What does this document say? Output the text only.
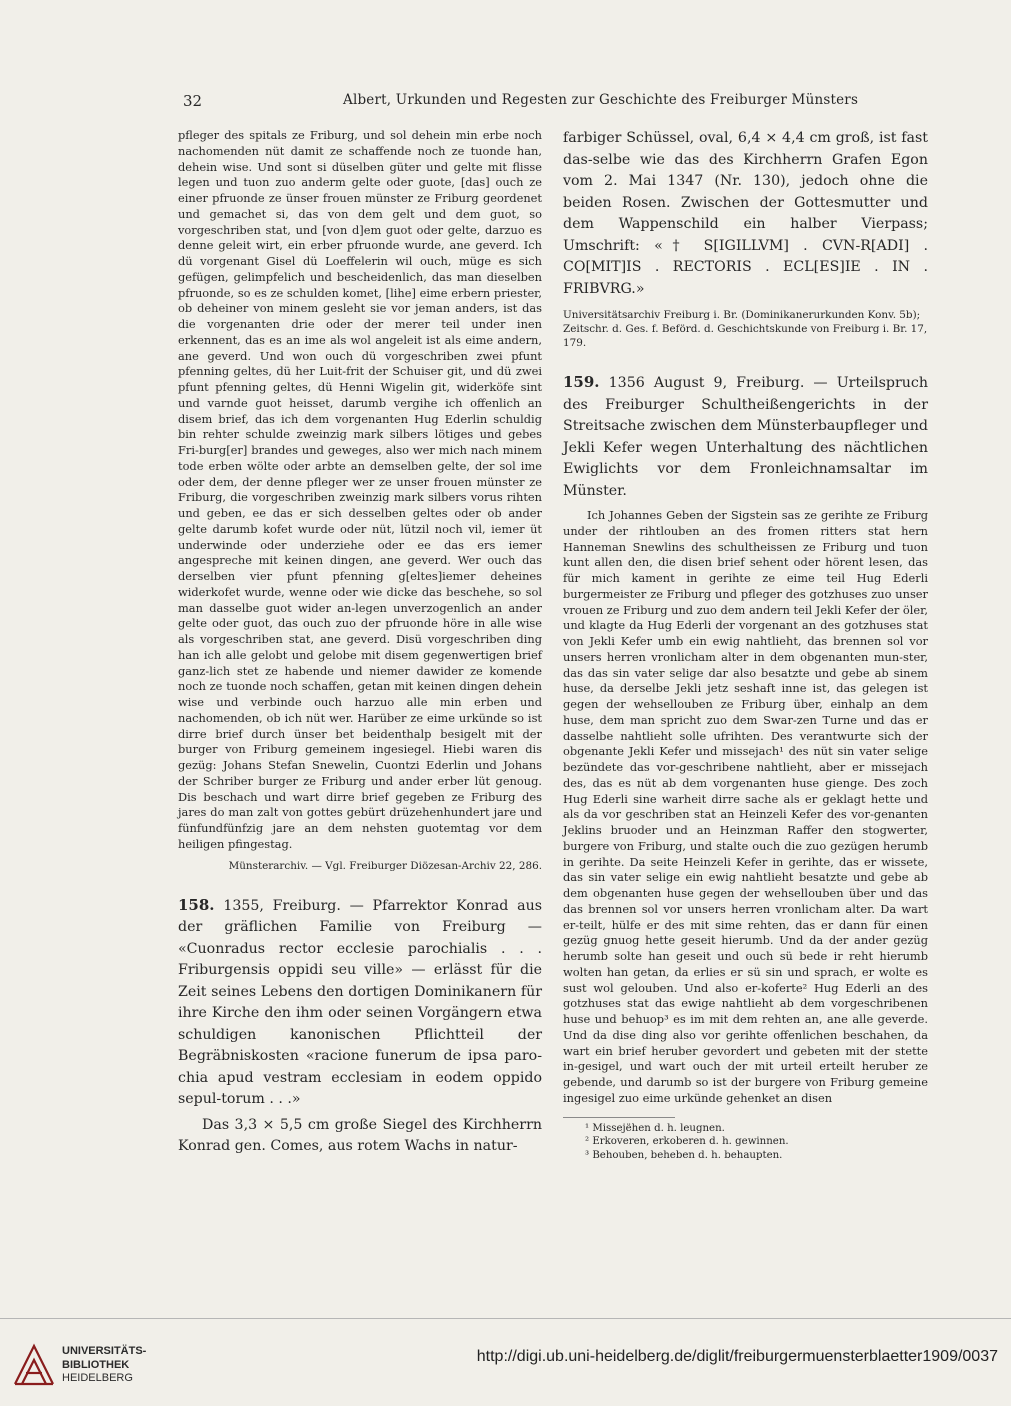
32	Albert, Urkunden und Regesten zur Geschichte des Freiburger Münsters

pfleger des spitals ze Friburg, und sol dehein min erbe noch nachomenden nüt damit ze schaffende noch ze tuonde han, dehein wise. Und sont si düselben güter und gelte mit flisse legen und tuon zuo anderm gelte oder guote, [das] ouch ze einer pfruonde ze ünser frouen münster ze Friburg geordenet und gemachet si, das von dem gelt und dem guot, so vorgeschriben stat, und [von d]em guot oder gelte, darzuo es denne geleit wirt, ein erber pfruonde wurde, ane geverd. Ich dü vorgenant Gisel dü Loeffelerin wil ouch, müge es sich gefügen, gelimpfelich und bescheidenlich, das man dieselben pfruonde, so es ze schulden komet, [lihe] eime erbern priester, ob deheiner von minem gesleht sie vor jeman anders, ist das die vorgenanten drie oder der merer teil under inen erkennent, das es an ime als wol angeleit ist als eime andern, ane geverd. Und won ouch dü vorgeschriben zwei pfunt pfenning geltes, dü her Luit-frit der Schuiser git, und dü zwei pfunt pfenning geltes, dü Henni Wigelin git, widerköfe sint und varnde guot heisset, darumb vergihe ich offenlich an disem brief, das ich dem vorgenanten Hug Ederlin schuldig bin rehter schulde zweinzig mark silbers lötiges und gebes Fri-burg[er] brandes und geweges, also wer mich nach minem tode erben wölte oder arbte an demselben gelte, der sol ime oder dem, der denne pfleger wer ze unser frouen münster ze Friburg, die vorgeschriben zweinzig mark silbers vorus rihten und geben, ee das er sich desselben geltes oder ob ander gelte darumb kofet wurde oder nüt, lützil noch vil, iemer üt underwinde oder underziehe oder ee das ers iemer angespreche mit keinen dingen, ane geverd. Wer ouch das derselben vier pfunt pfenning g[eltes]iemer deheines widerkofet wurde, wenne oder wie dicke das beschehe, so sol man dasselbe guot wider an-legen unverzogenlich an ander gelte oder guot, das ouch zuo der pfruonde höre in alle wise als vorgeschriben stat, ane geverd. Disü vorgeschriben ding han ich alle gelobt und gelobe mit disem gegenwertigen brief ganz-lich stet ze habende und niemer dawider ze komende noch ze tuonde noch schaffen, getan mit keinen dingen dehein wise und verbinde ouch harzuo alle min erben und nachomenden, ob ich nüt wer. Harüber ze eime urkünde so ist dirre brief durch ünser bet beidenthalp besigelt mit der burger von Friburg gemeinem ingesiegel. Hiebi waren dis gezüg: Johans Stefan Snewelin, Cuontzi Ederlin und Johans der Schriber burger ze Friburg und ander erber lüt genoug. Dis beschach und wart dirre brief gegeben ze Friburg des jares do man zalt von gottes gebürt drüzehenhundert jare und fünfundfünfzig jare an dem nehsten guotemtag vor dem heiligen pfingestag.

Münsterarchiv. — Vgl. Freiburger Diözesan-Archiv 22, 286.

158. 1355, Freiburg. — Pfarrektor Konrad aus der gräflichen Familie von Freiburg — «Cuonradus rector ecclesie parochialis . . . Friburgensis oppidi seu ville» — erlässt für die Zeit seines Lebens den dortigen Dominikanern für ihre Kirche den ihm oder seinen Vorgängern etwa schuldigen kanonischen Pflichtteil der Begräbniskosten «racione funerum de ipsa paro-chia apud vestram ecclesiam in eodem oppido sepul-torum . . .»

Das 3,3 × 5,5 cm große Siegel des Kirchherrn Konrad gen. Comes, aus rotem Wachs in natur-

farbiger Schüssel, oval, 6,4 × 4,4 cm groß, ist fast das-selbe wie das des Kirchherrn Grafen Egon vom 2. Mai 1347 (Nr. 130), jedoch ohne die beiden Rosen. Zwischen der Gottesmutter und dem Wappenschild ein halber Vierpass; Umschrift: «† S[IGILLVM] . CVN-R[ADI] . CO[MIT]IS . RECTORIS . ECL[ES]IE . IN . FRIBVRG.»

Universitätsarchiv Freiburg i. Br. (Dominikanerurkunden Konv. 5b); Zeitschr. d. Ges. f. Beförd. d. Geschichtskunde von Freiburg i. Br. 17, 179.

159. 1356 August 9, Freiburg. — Urteilspruch des Freiburger Schultheißengerichts in der Streitsache zwischen dem Münsterbaupfleger und Jekli Kefer wegen Unterhaltung des nächtlichen Ewiglichts vor dem Fronleichnamsaltar im Münster.

Ich Johannes Geben der Sigstein sas ze gerihte ze Friburg under der rihtlouben an des fromen ritters stat hern Hanneman Snewlins des schultheissen ze Friburg und tuon kunt allen den, die disen brief sehent oder hörent lesen, das für mich kament in gerihte ze eime teil Hug Ederli burgermeister ze Friburg und pfleger des gotzhuses zuo unser vrouen ze Friburg und zuo dem andern teil Jekli Kefer der öler, und klagte da Hug Ederli der vorgenant an des gotzhuses stat von Jekli Kefer umb ein ewig nahtlieht, das brennen sol vor unsers herren vronlicham alter in dem obgenanten mun-ster, das das sin vater selige dar also besatzte und gebe ab sinem huse, da derselbe Jekli jetz seshaft inne ist, das gelegen ist gegen der wehsellouben ze Friburg über, einhalp an dem huse, dem man spricht zuo dem Swar-zen Turne und das er dasselbe nahtlieht solle ufrihten. Des verantwurte sich der obgenante Jekli Kefer und missejach¹ des nüt sin vater selige bezündete das vor-geschribene nahtlieht, aber er missejach des, das es nüt ab dem vorgenanten huse gienge. Des zoch Hug Ederli sine warheit dirre sache als er geklagt hette und als da vor geschriben stat an Heinzeli Kefer des vor-genanten Jeklins bruoder und an Heinzman Raffer den stogwerter, burgere von Friburg, und stalte ouch die zuo gezügen herumb in gerihte. Da seite Heinzeli Kefer in gerihte, das er wissete, das sin vater selige ein ewig nahtlieht besatzte und gebe ab dem obgenanten huse gegen der wehsellouben über und das das brennen sol vor unsers herren vronlicham alter. Da wart er-teilt, hülfe er des mit sime rehten, das er dann für einen gezüg gnuog hette geseit hierumb. Und da der ander gezüg herumb solte han geseit und ouch sü bede ir reht hierumb wolten han getan, da erlies er sü sin und sprach, er wolte es sust wol gelouben. Und also er-koferte² Hug Ederli an des gotzhuses stat das ewige nahtlieht ab dem vorgeschribenen huse und behuop³ es im mit dem rehten an, ane alle geverde. Und da dise ding also vor gerihte offenlichen beschahen, da wart ein brief heruber gevordert und gebeten mit der stette in-gesigel, und wart ouch der mit urteil erteilt heruber ze gebende, und darumb so ist der burgere von Friburg gemeine ingesigel zuo eime urkünde gehenket an disen

¹ Missejëhen d. h. leugnen.

² Erkoveren, erkoberen d. h. gewinnen.

³ Behouben, beheben d. h. behaupten.

UNIVERSITÄTS-
BIBLIOTHEK
HEIDELBERG
http://digi.ub.uni-heidelberg.de/diglit/freiburgermuensterblaetter1909/0037
